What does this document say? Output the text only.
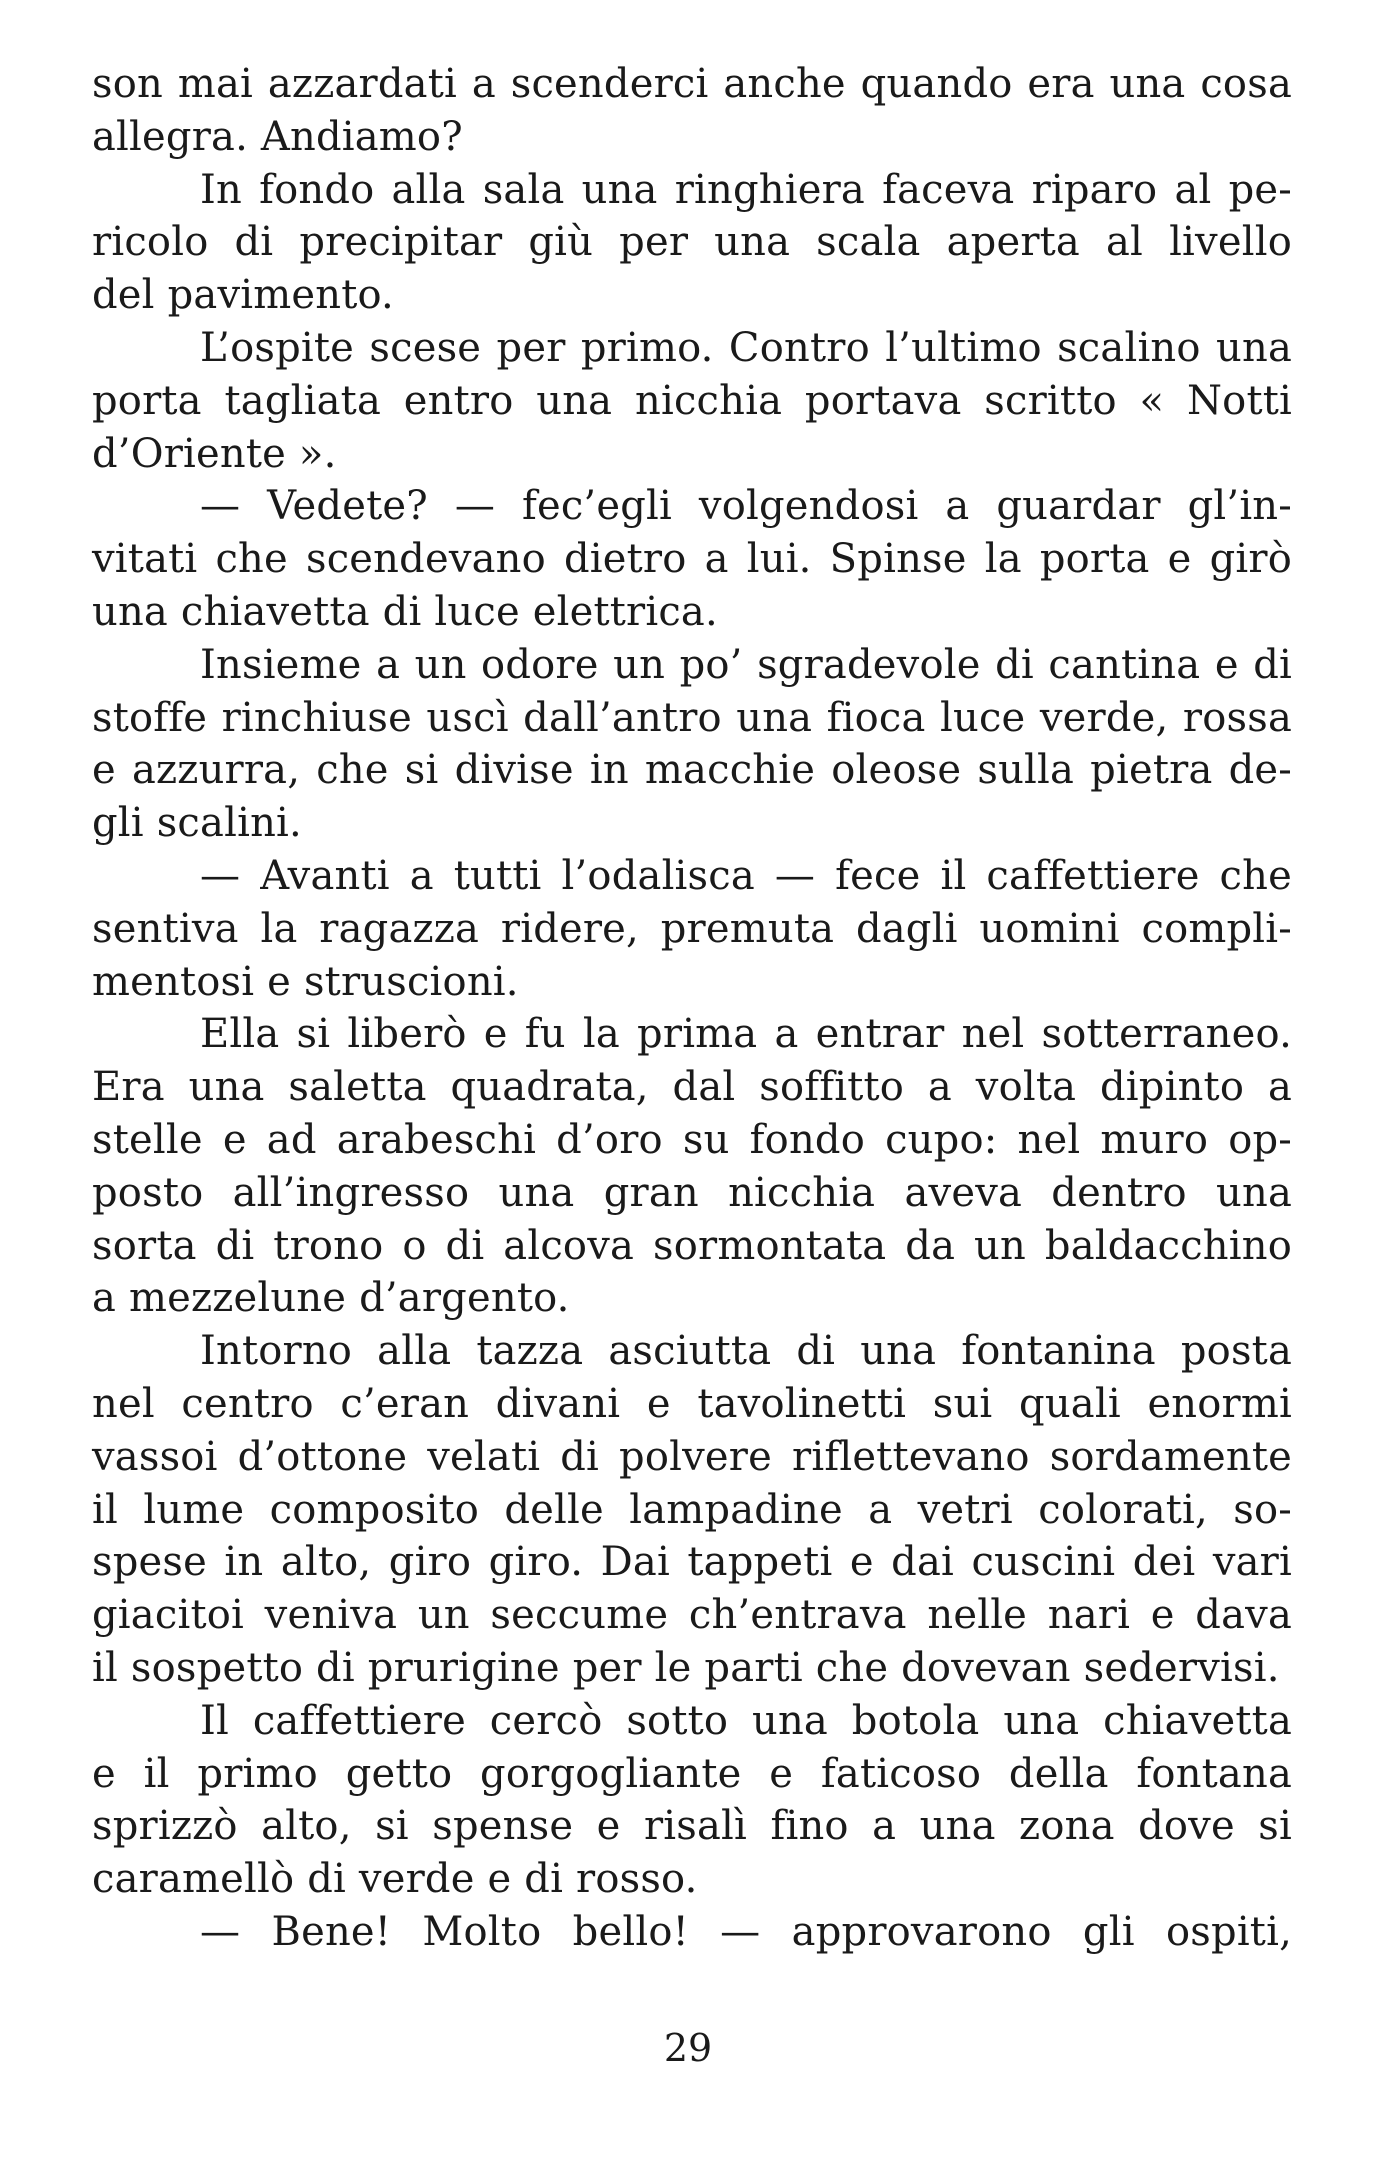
son mai azzardati a scenderci anche quando era una cosa
allegra. Andiamo?
In fondo alla sala una ringhiera faceva riparo al pe-
ricolo di precipitar giù per una scala aperta al livello
del pavimento.
L’ospite scese per primo. Contro l’ultimo scalino una
porta tagliata entro una nicchia portava scritto « Notti
d’Oriente ».
— Vedete? — fec’egli volgendosi a guardar gl’in-
vitati che scendevano dietro a lui. Spinse la porta e girò
una chiavetta di luce elettrica.
Insieme a un odore un po’ sgradevole di cantina e di
stoffe rinchiuse uscì dall’antro una fioca luce verde, rossa
e azzurra, che si divise in macchie oleose sulla pietra de-
gli scalini.
— Avanti a tutti l’odalisca — fece il caffettiere che
sentiva la ragazza ridere, premuta dagli uomini compli-
mentosi e struscioni.
Ella si liberò e fu la prima a entrar nel sotterraneo.
Era una saletta quadrata, dal soffitto a volta dipinto a
stelle e ad arabeschi d’oro su fondo cupo: nel muro op-
posto all’ingresso una gran nicchia aveva dentro una
sorta di trono o di alcova sormontata da un baldacchino
a mezzelune d’argento.
Intorno alla tazza asciutta di una fontanina posta
nel centro c’eran divani e tavolinetti sui quali enormi
vassoi d’ottone velati di polvere riflettevano sordamente
il lume composito delle lampadine a vetri colorati, so-
spese in alto, giro giro. Dai tappeti e dai cuscini dei vari
giacitoi veniva un seccume ch’entrava nelle nari e dava
il sospetto di prurigine per le parti che dovevan sedervisi.
Il caffettiere cercò sotto una botola una chiavetta
e il primo getto gorgogliante e faticoso della fontana
sprizzò alto, si spense e risalì fino a una zona dove si
caramellò di verde e di rosso.
— Bene! Molto bello! — approvarono gli ospiti,
29
